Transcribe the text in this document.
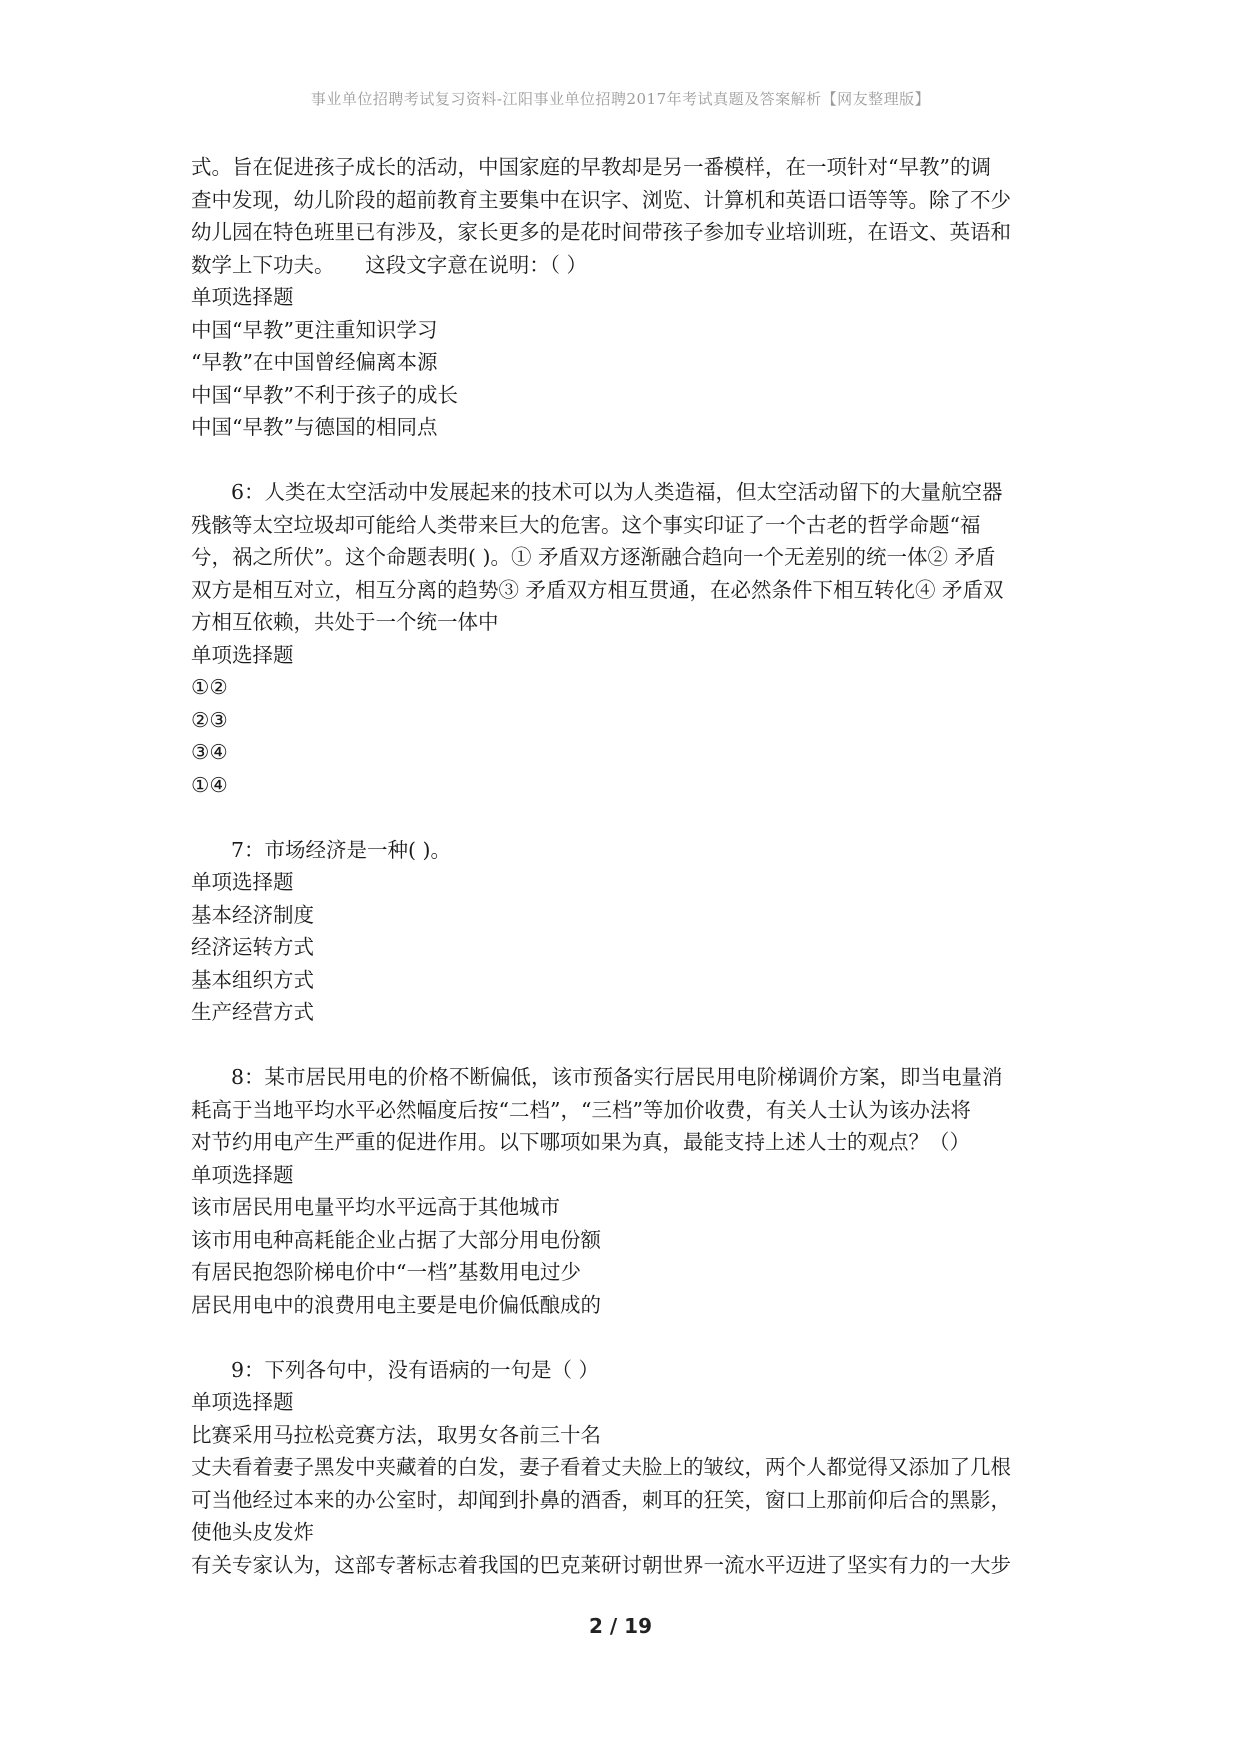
事业单位招聘考试复习资料-江阳事业单位招聘2017年考试真题及答案解析【网友整理版】
式。旨在促进孩子成长的活动，中国家庭的早教却是另一番模样，在一项针对“早教”的调
查中发现，幼儿阶段的超前教育主要集中在识字、浏览、计算机和英语口语等等。除了不少
幼儿园在特色班里已有涉及，家长更多的是花时间带孩子参加专业培训班，在语文、英语和
数学上下功夫。　　这段文字意在说明：（ ）
单项选择题
中国“早教”更注重知识学习
“早教”在中国曾经偏离本源
中国“早教”不利于孩子的成长
中国“早教”与德国的相同点
6：人类在太空活动中发展起来的技术可以为人类造福，但太空活动留下的大量航空器
残骸等太空垃圾却可能给人类带来巨大的危害。这个事实印证了一个古老的哲学命题“福
兮，祸之所伏”。这个命题表明( )。① 矛盾双方逐渐融合趋向一个无差别的统一体② 矛盾
双方是相互对立，相互分离的趋势③ 矛盾双方相互贯通，在必然条件下相互转化④ 矛盾双
方相互依赖，共处于一个统一体中
单项选择题
①②
②③
③④
①④
7：市场经济是一种( )。
单项选择题
基本经济制度
经济运转方式
基本组织方式
生产经营方式
8：某市居民用电的价格不断偏低，该市预备实行居民用电阶梯调价方案，即当电量消
耗高于当地平均水平必然幅度后按“二档”，“三档”等加价收费，有关人士认为该办法将
对节约用电产生严重的促进作用。以下哪项如果为真，最能支持上述人士的观点？（）
单项选择题
该市居民用电量平均水平远高于其他城市
该市用电种高耗能企业占据了大部分用电份额
有居民抱怨阶梯电价中“一档”基数用电过少
居民用电中的浪费用电主要是电价偏低酿成的
9：下列各句中，没有语病的一句是（ ）
单项选择题
比赛采用马拉松竞赛方法，取男女各前三十名
丈夫看着妻子黑发中夹藏着的白发，妻子看着丈夫脸上的皱纹，两个人都觉得又添加了几根
可当他经过本来的办公室时，却闻到扑鼻的酒香，刺耳的狂笑，窗口上那前仰后合的黑影，
使他头皮发炸
有关专家认为，这部专著标志着我国的巴克莱研讨朝世界一流水平迈进了坚实有力的一大步
2 / 19
